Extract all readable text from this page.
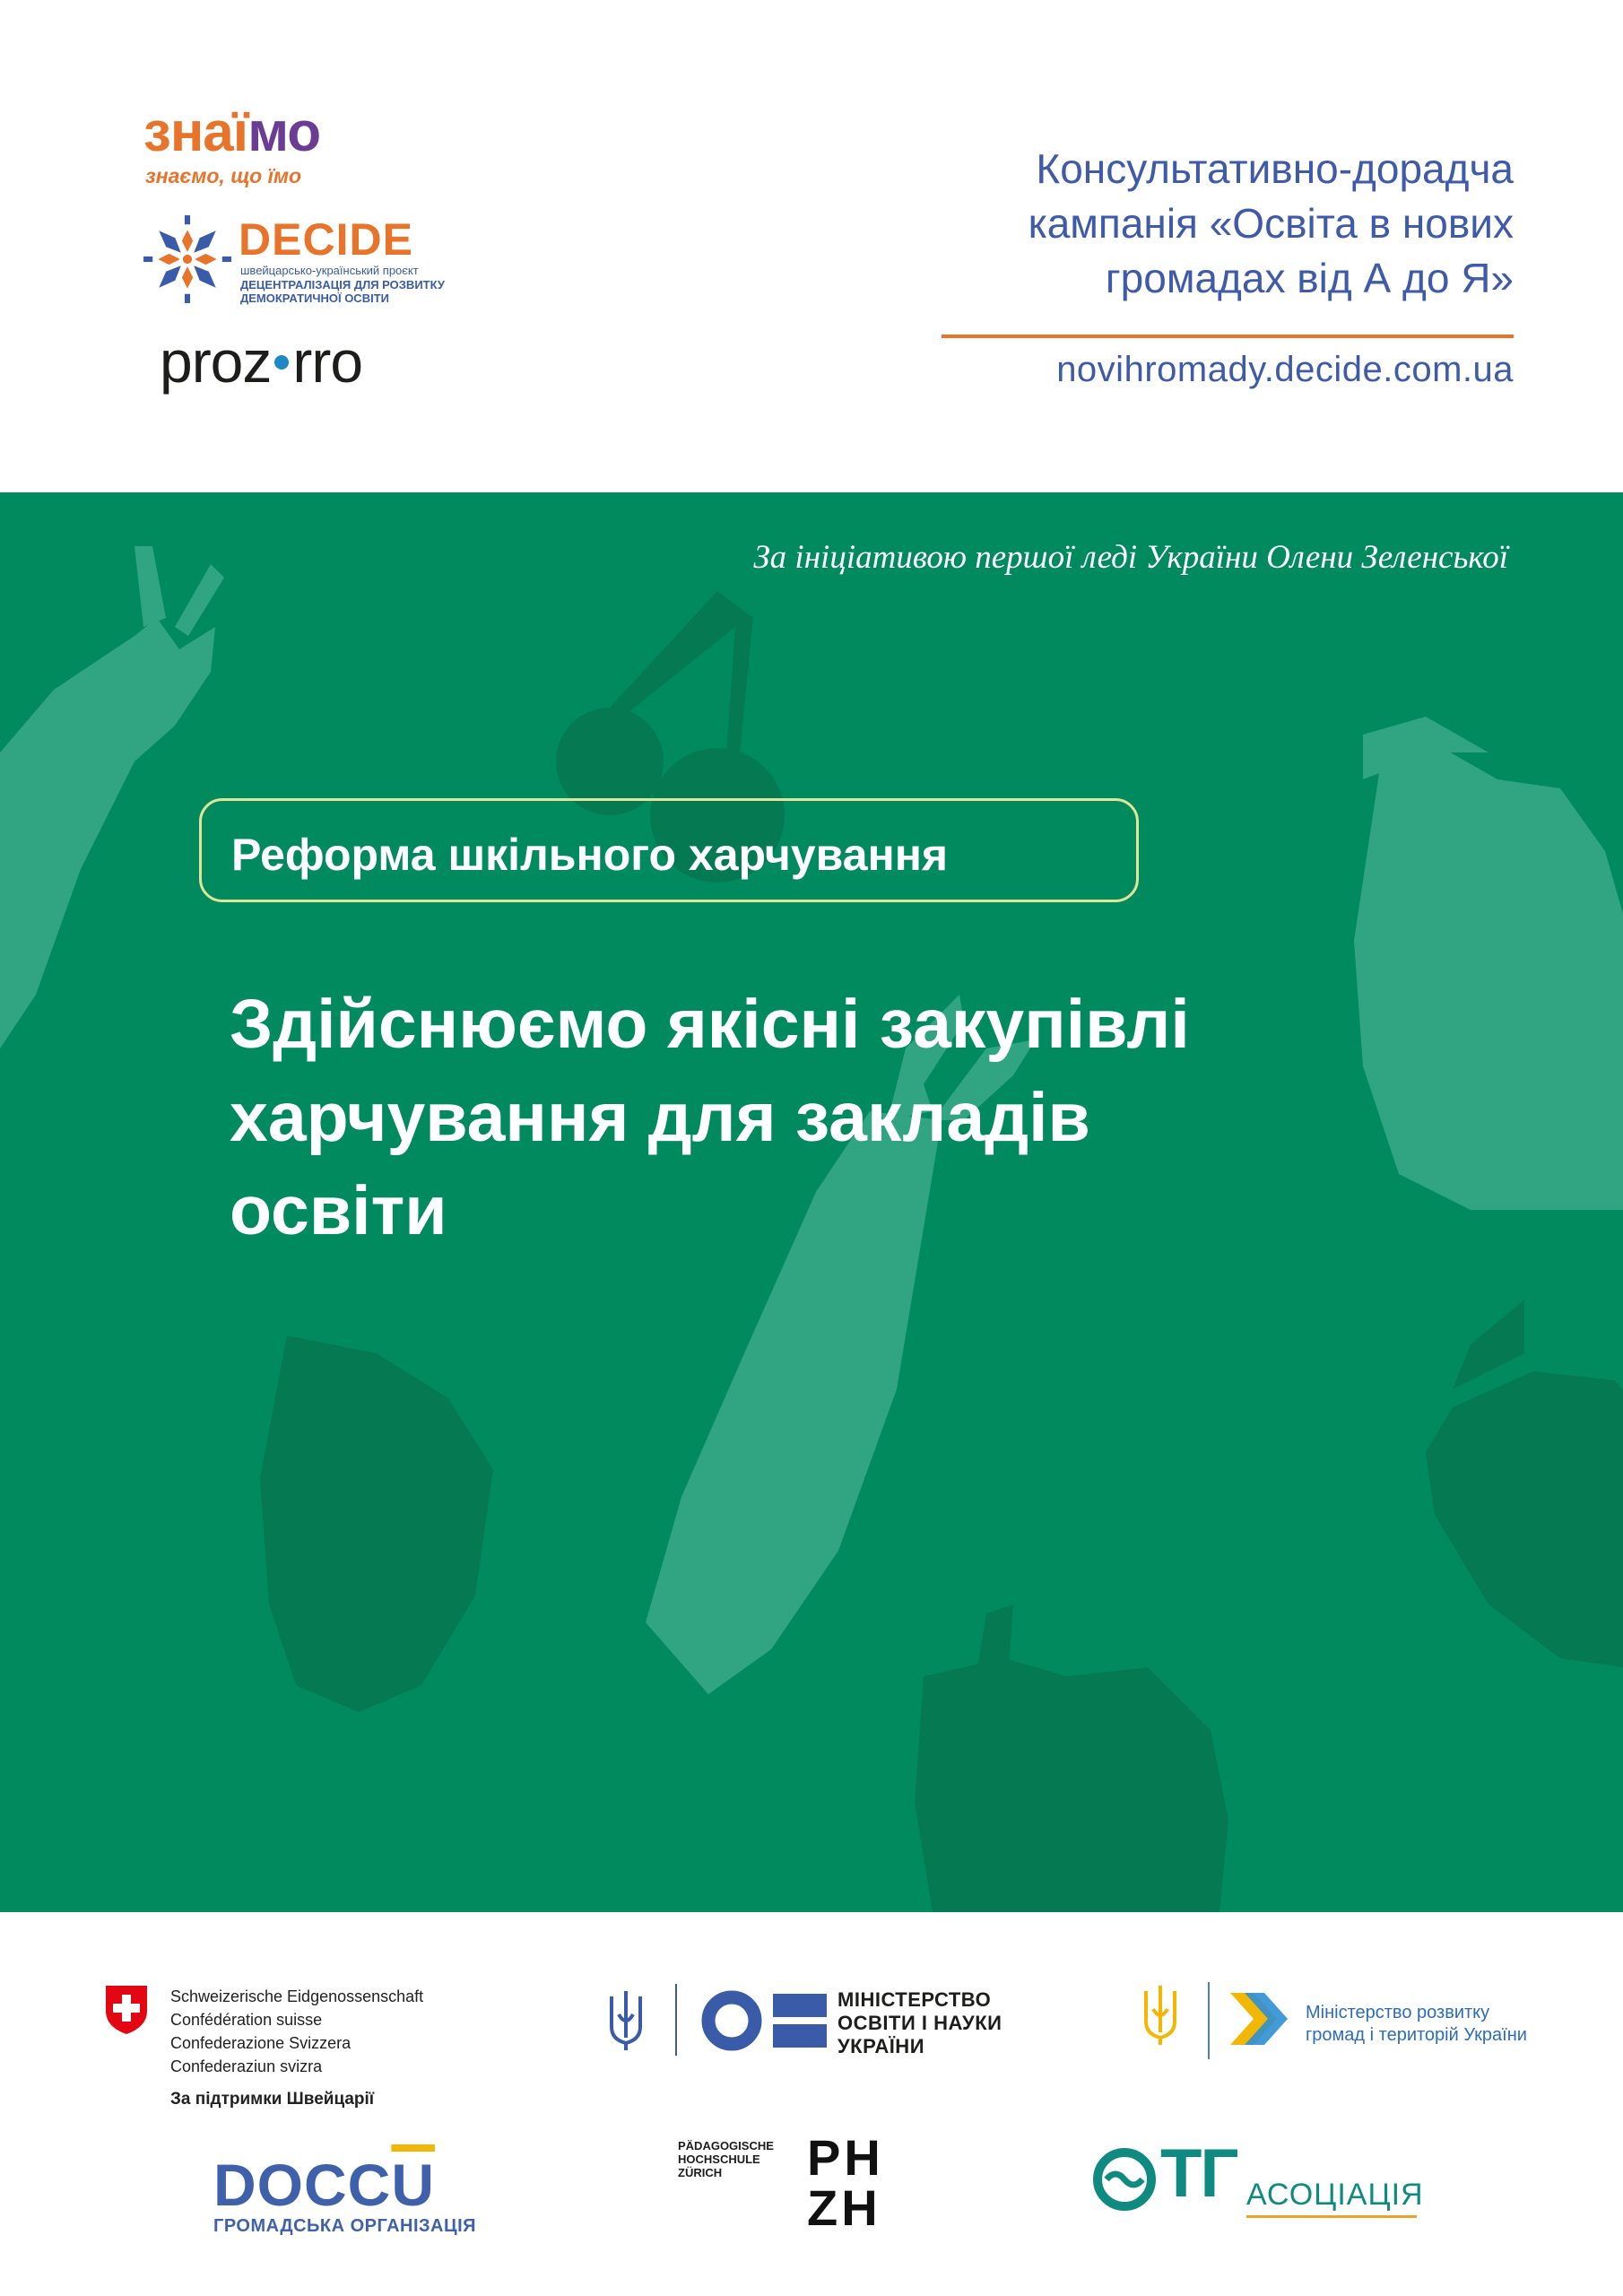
знаїмо
знаємо, що їмо
DECIDE
швейцарсько-український проєкт
ДЕЦЕНТРАЛІЗАЦІЯ ДЛЯ РОЗВИТКУ
ДЕМОКРАТИЧНОЇ ОСВІТИ
proz rro
Консультативно-дорадча
кампанія «Освіта в нових
громадах від А до Я»
novihromady.decide.com.ua
За ініціативою першої леді України Олени Зеленської
Реформа шкільного харчування
Здійснюємо якісні закупівлі
харчування для закладів
освіти
Schweizerische Eidgenossenschaft
Confédération suisse
Confederazione Svizzera
Confederaziun svizra
За підтримки Швейцарії
МІНІСТЕРСТВО
ОСВІТИ І НАУКИ
УКРАЇНИ
Міністерство розвитку
громад і територій України
$DOCC\overline{U}$
ГРОМАДСЬКА ОРГАНІЗАЦІЯ
PÄDAGOGISCHE
HOCHSCHULE
ZÜRICH	PH
ZH	ТГ АСОЦІАЦІЯ
